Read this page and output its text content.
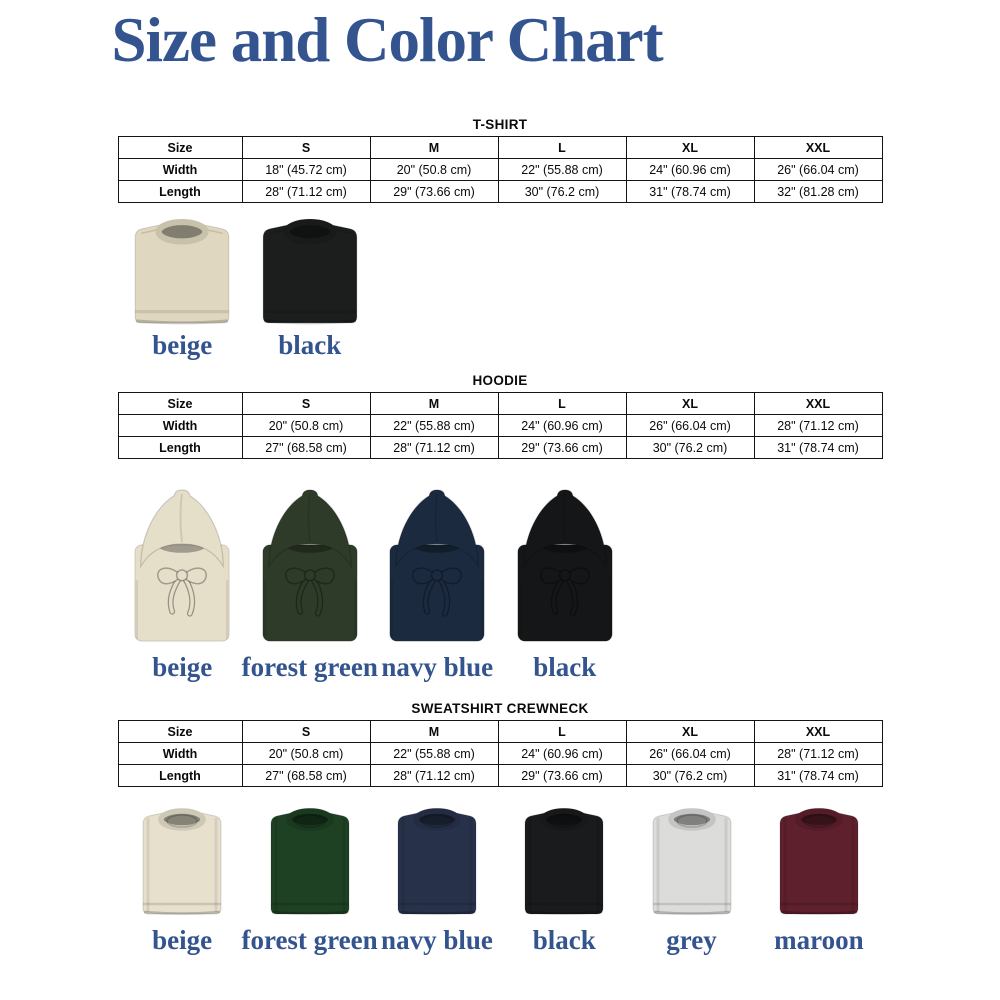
Size and Color Chart
T-SHIRT
Size	S	M	L	XL	XXL
Width	18" (45.72 cm)	20" (50.8 cm)	22" (55.88 cm)	24" (60.96 cm)	26" (66.04 cm)
Length	28" (71.12 cm)	29" (73.66 cm)	30" (76.2 cm)	31" (78.74 cm)	32" (81.28 cm)
beige black
HOODIE
Size	S	M	L	XL	XXL
Width	20" (50.8 cm)	22" (55.88 cm)	24" (60.96 cm)	26" (66.04 cm)	28" (71.12 cm)
Length	27" (68.58 cm)	28" (71.12 cm)	29" (73.66 cm)	30" (76.2 cm)	31" (78.74 cm)
beige forest green navy blue black
SWEATSHIRT CREWNECK
Size	S	M	L	XL	XXL
Width	20" (50.8 cm)	22" (55.88 cm)	24" (60.96 cm)	26" (66.04 cm)	28" (71.12 cm)
Length	27" (68.58 cm)	28" (71.12 cm)	29" (73.66 cm)	30" (76.2 cm)	31" (78.74 cm)
beige forest green navy blue black	grey maroon
